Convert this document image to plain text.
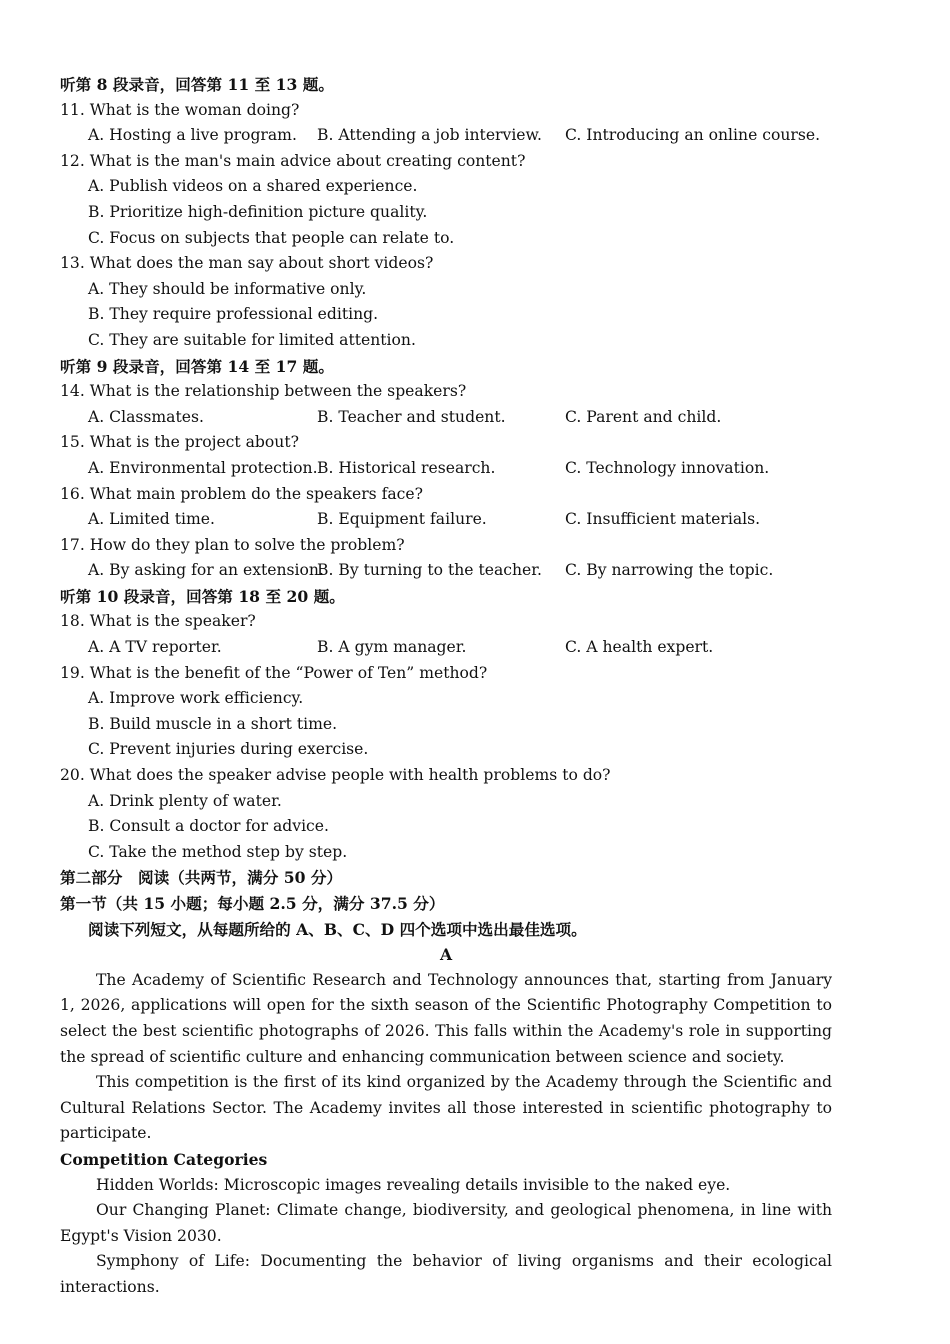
听第 8 段录音，回答第 11 至 13 题。
11. What is the woman doing?
A. Hosting a live program.	B. Attending a job interview.	C. Introducing an online course.
12. What is the man's main advice about creating content?
A. Publish videos on a shared experience.
B. Prioritize high-definition picture quality.
C. Focus on subjects that people can relate to.
13. What does the man say about short videos?
A. They should be informative only.
B. They require professional editing.
C. They are suitable for limited attention.
听第 9 段录音，回答第 14 至 17 题。
14. What is the relationship between the speakers?
A. Classmates.	B. Teacher and student.	C. Parent and child.
15. What is the project about?
A. Environmental protection. B. Historical research.	C. Technology innovation.
16. What main problem do the speakers face?
A. Limited time.	B. Equipment failure.	C. Insufficient materials.
17. How do they plan to solve the problem?
A. By asking for an extension.
B. By turning to the teacher.	C. By narrowing the topic.
听第 10 段录音，回答第 18 至 20 题。
18. What is the speaker?
A. A TV reporter.	B. A gym manager.	C. A health expert.
19. What is the benefit of the “Power of Ten” method?
A. Improve work efficiency.
B. Build muscle in a short time.
C. Prevent injuries during exercise.
20. What does the speaker advise people with health problems to do?
A. Drink plenty of water.
B. Consult a doctor for advice.
C. Take the method step by step.
第二部分　阅读（共两节，满分 50 分）
第一节（共 15 小题；每小题 2.5 分，满分 37.5 分）
阅读下列短文，从每题所给的 A、B、C、D 四个选项中选出最佳选项。
A
The Academy of Scientific Research and Technology announces that, starting from January 1, 2026, applications will open for the sixth season of the Scientific Photography Competition to select the best scientific photographs of 2026. This falls within the Academy's role in supporting the spread of scientific culture and enhancing communication between science and society.
This competition is the first of its kind organized by the Academy through the Scientific and Cultural Relations Sector. The Academy invites all those interested in scientific photography to participate.
Competition Categories
Hidden Worlds: Microscopic images revealing details invisible to the naked eye.
Our Changing Planet: Climate change, biodiversity, and geological phenomena, in line with Egypt's Vision 2030.
Symphony of Life: Documenting the behavior of living organisms and their ecological interactions.
